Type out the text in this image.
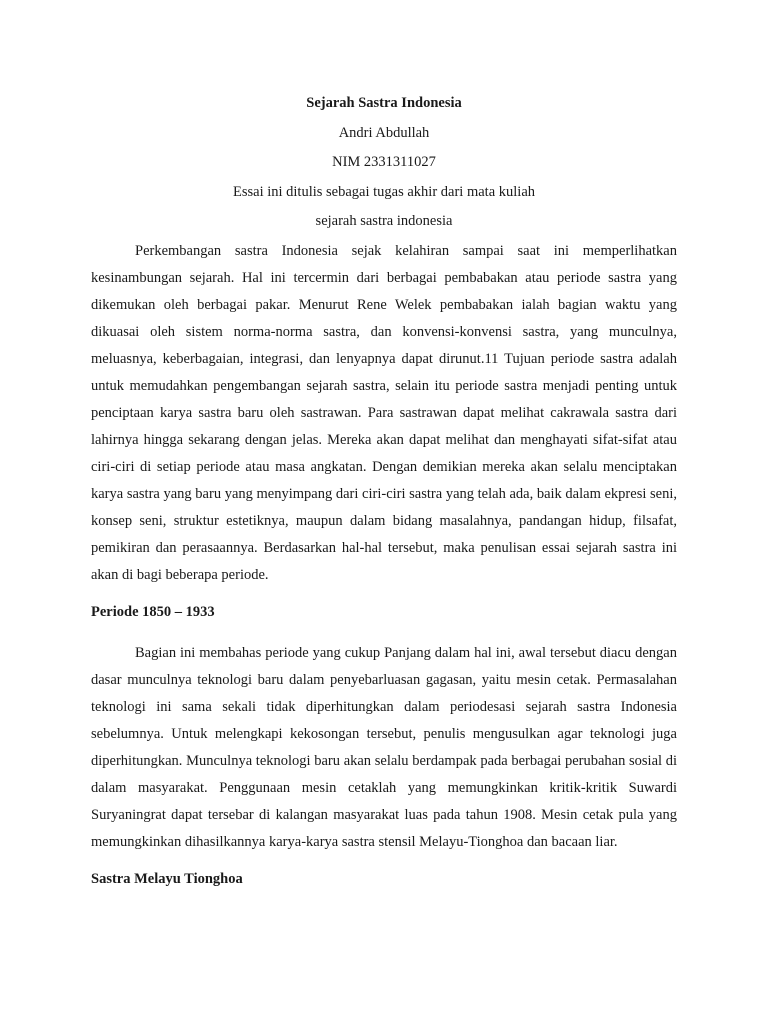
Sejarah Sastra Indonesia

Andri Abdullah

NIM 2331311027

Essai ini ditulis sebagai tugas akhir dari mata kuliah

sejarah sastra indonesia

Perkembangan sastra Indonesia sejak kelahiran sampai saat ini memperlihatkan kesinambungan sejarah. Hal ini tercermin dari berbagai pembabakan atau periode sastra yang dikemukan oleh berbagai pakar. Menurut Rene Welek pembabakan ialah bagian waktu yang dikuasai oleh sistem norma-norma sastra, dan konvensi-konvensi sastra, yang munculnya, meluasnya, keberbagaian, integrasi, dan lenyapnya dapat dirunut.11 Tujuan periode sastra adalah untuk memudahkan pengembangan sejarah sastra, selain itu periode sastra menjadi penting untuk penciptaan karya sastra baru oleh sastrawan. Para sastrawan dapat melihat cakrawala sastra dari lahirnya hingga sekarang dengan jelas. Mereka akan dapat melihat dan menghayati sifat-sifat atau ciri-ciri di setiap periode atau masa angkatan. Dengan demikian mereka akan selalu menciptakan karya sastra yang baru yang menyimpang dari ciri-ciri sastra yang telah ada, baik dalam ekpresi seni, konsep seni, struktur estetiknya, maupun dalam bidang masalahnya, pandangan hidup, filsafat, pemikiran dan perasaannya. Berdasarkan hal-hal tersebut, maka penulisan essai sejarah sastra ini akan di bagi beberapa periode.

Periode 1850 – 1933

Bagian ini membahas periode yang cukup Panjang dalam hal ini, awal tersebut diacu dengan dasar munculnya teknologi baru dalam penyebarluasan gagasan, yaitu mesin cetak. Permasalahan teknologi ini sama sekali tidak diperhitungkan dalam periodesasi sejarah sastra Indonesia sebelumnya. Untuk melengkapi kekosongan tersebut, penulis mengusulkan agar teknologi juga diperhitungkan. Munculnya teknologi baru akan selalu berdampak pada berbagai perubahan sosial di dalam masyarakat. Penggunaan mesin cetaklah yang memungkinkan kritik-kritik Suwardi Suryaningrat dapat tersebar di kalangan masyarakat luas pada tahun 1908. Mesin cetak pula yang memungkinkan dihasilkannya karya-karya sastra stensil Melayu-Tionghoa dan bacaan liar.

Sastra Melayu Tionghoa
